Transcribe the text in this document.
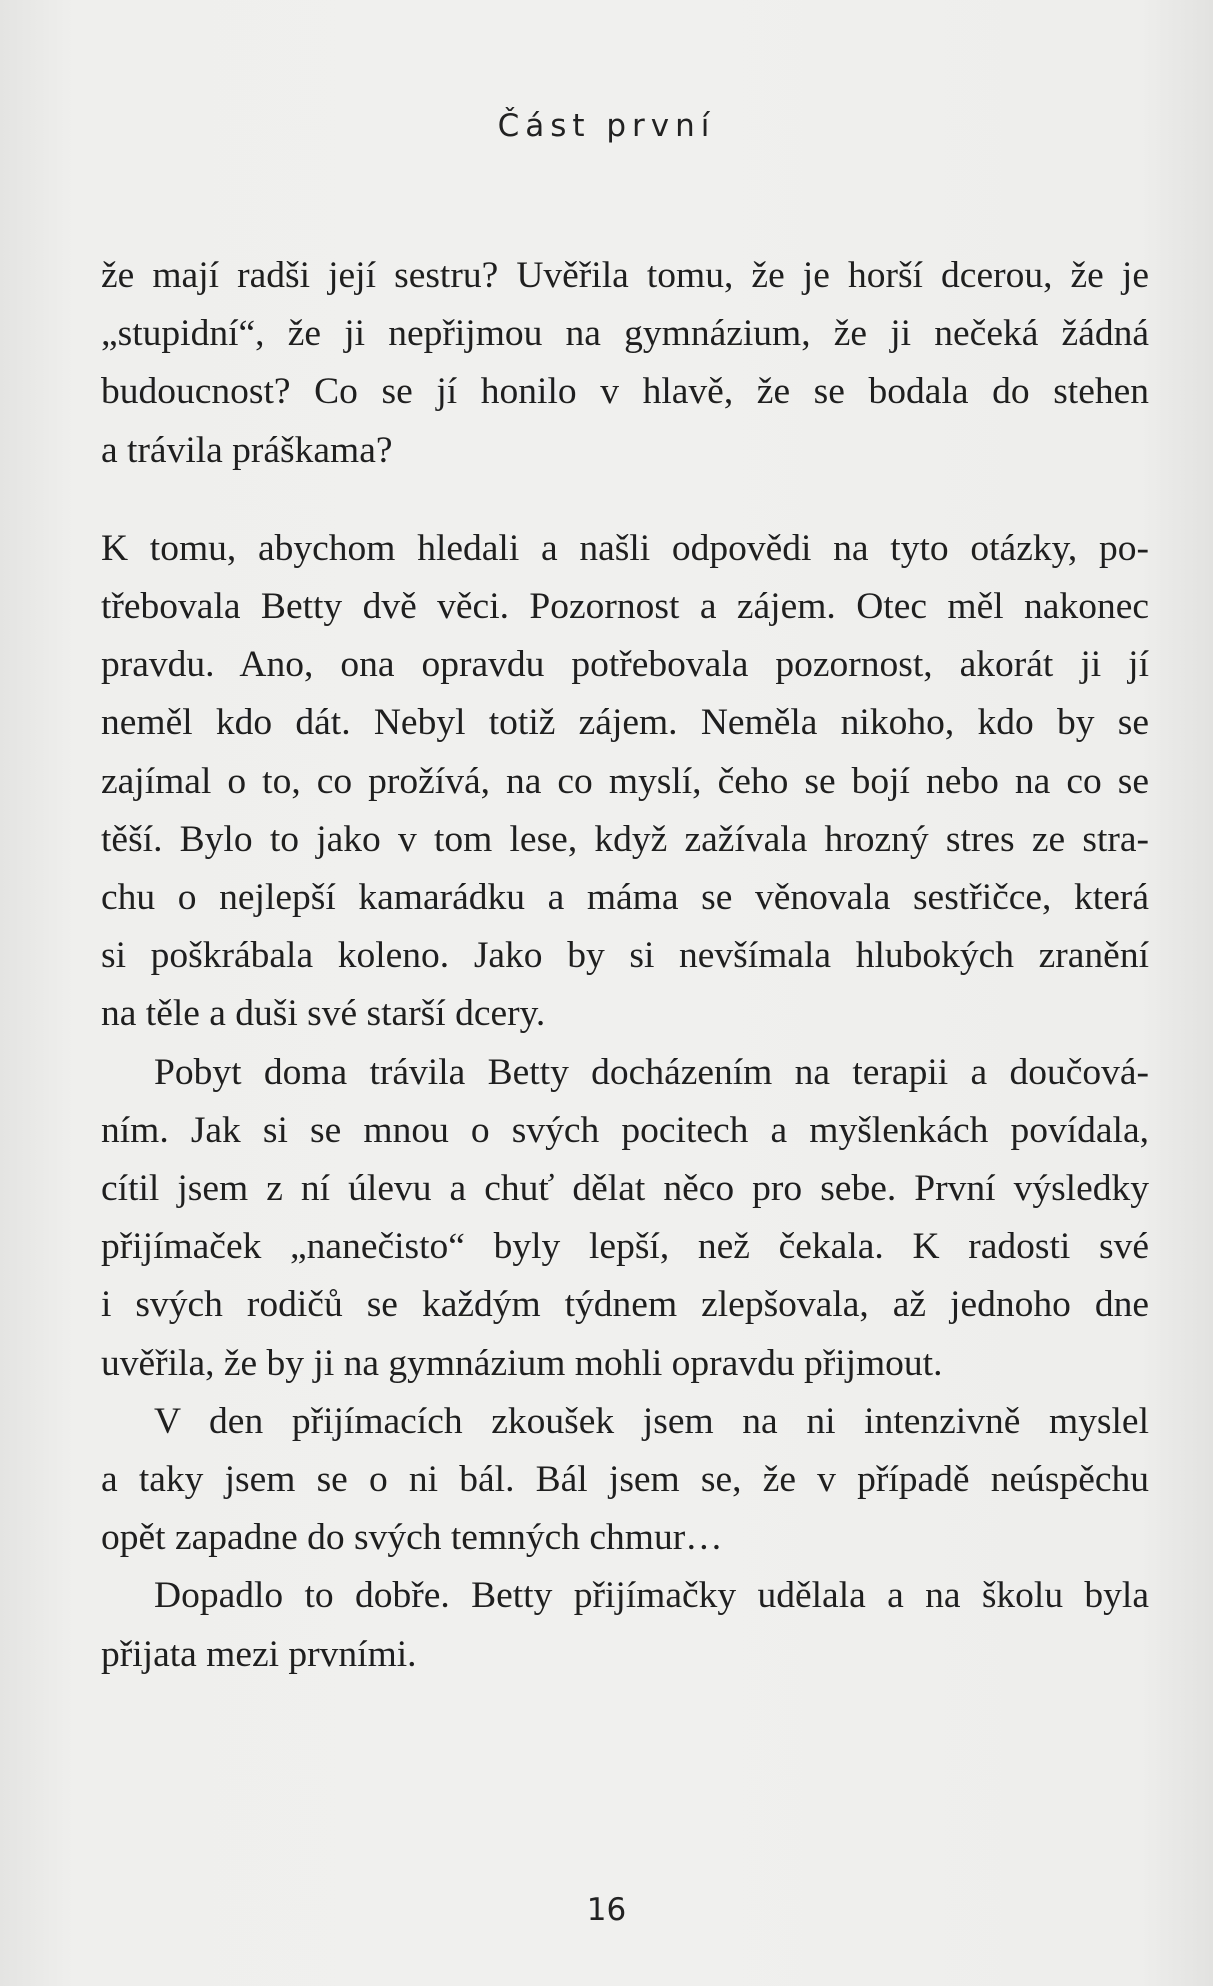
Část první

že mají radši její sestru? Uvěřila tomu, že je horší dcerou, že je
„stupidní“, že ji nepřijmou na gymnázium, že ji nečeká žádná
budoucnost? Co se jí honilo v hlavě, že se bodala do stehen
a trávila práškama?

K tomu, abychom hledali a našli odpovědi na tyto otázky, po-
třebovala Betty dvě věci. Pozornost a zájem. Otec měl nakonec
pravdu. Ano, ona opravdu potřebovala pozornost, akorát ji jí
neměl kdo dát. Nebyl totiž zájem. Neměla nikoho, kdo by se
zajímal o to, co prožívá, na co myslí, čeho se bojí nebo na co se
těší. Bylo to jako v tom lese, když zažívala hrozný stres ze stra-
chu o nejlepší kamarádku a máma se věnovala sestřičce, která
si poškrábala koleno. Jako by si nevšímala hlubokých zranění
na těle a duši své starší dcery.

Pobyt doma trávila Betty docházením na terapii a doučová-
ním. Jak si se mnou o svých pocitech a myšlenkách povídala,
cítil jsem z ní úlevu a chuť dělat něco pro sebe. První výsledky
přijímaček „nanečisto“ byly lepší, než čekala. K radosti své
i svých rodičů se každým týdnem zlepšovala, až jednoho dne
uvěřila, že by ji na gymnázium mohli opravdu přijmout.

V den přijímacích zkoušek jsem na ni intenzivně myslel
a taky jsem se o ni bál. Bál jsem se, že v případě neúspěchu
opět zapadne do svých temných chmur…

Dopadlo to dobře. Betty přijímačky udělala a na školu byla
přijata mezi prvními.

16
